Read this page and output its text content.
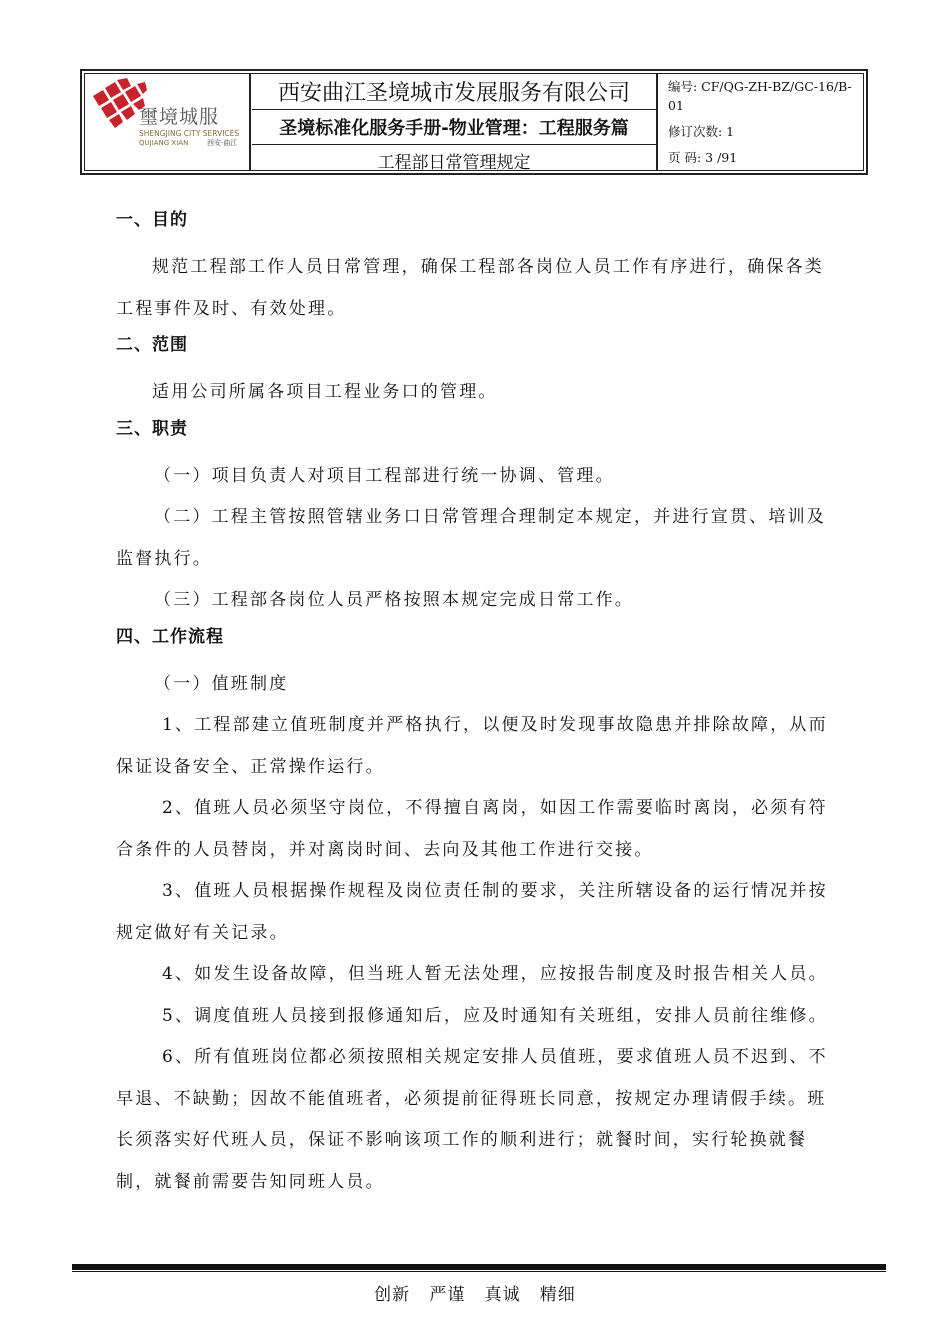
璽境城服
SHENGJING CITY SERVICES
QUJIANG XIAN	西安·曲江
西安曲江圣境城市发展服务有限公司
圣境标准化服务手册-物业管理：工程服务篇
工程部日常管理规定
编号: CF/QG-ZH-BZ/GC-16/B-01
修订次数: 1
页 码: 3 /91

一、目的

规范工程部工作人员日常管理，确保工程部各岗位人员工作有序进行，确保各类工程事件及时、有效处理。

二、范围

适用公司所属各项目工程业务口的管理。

三、职责

（一）项目负责人对项目工程部进行统一协调、管理。

（二）工程主管按照管辖业务口日常管理合理制定本规定，并进行宣贯、培训及监督执行。

（三）工程部各岗位人员严格按照本规定完成日常工作。

四、工作流程

（一）值班制度

1、工程部建立值班制度并严格执行，以便及时发现事故隐患并排除故障，从而保证设备安全、正常操作运行。

2、值班人员必须坚守岗位，不得擅自离岗，如因工作需要临时离岗，必须有符合条件的人员替岗，并对离岗时间、去向及其他工作进行交接。

3、值班人员根据操作规程及岗位责任制的要求，关注所辖设备的运行情况并按规定做好有关记录。

4、如发生设备故障，但当班人暂无法处理，应按报告制度及时报告相关人员。

5、调度值班人员接到报修通知后，应及时通知有关班组，安排人员前往维修。

6、所有值班岗位都必须按照相关规定安排人员值班，要求值班人员不迟到、不早退、不缺勤；因故不能值班者，必须提前征得班长同意，按规定办理请假手续。班长须落实好代班人员，保证不影响该项工作的顺利进行；就餐时间，实行轮换就餐制，就餐前需要告知同班人员。

创新   严谨   真诚   精细
